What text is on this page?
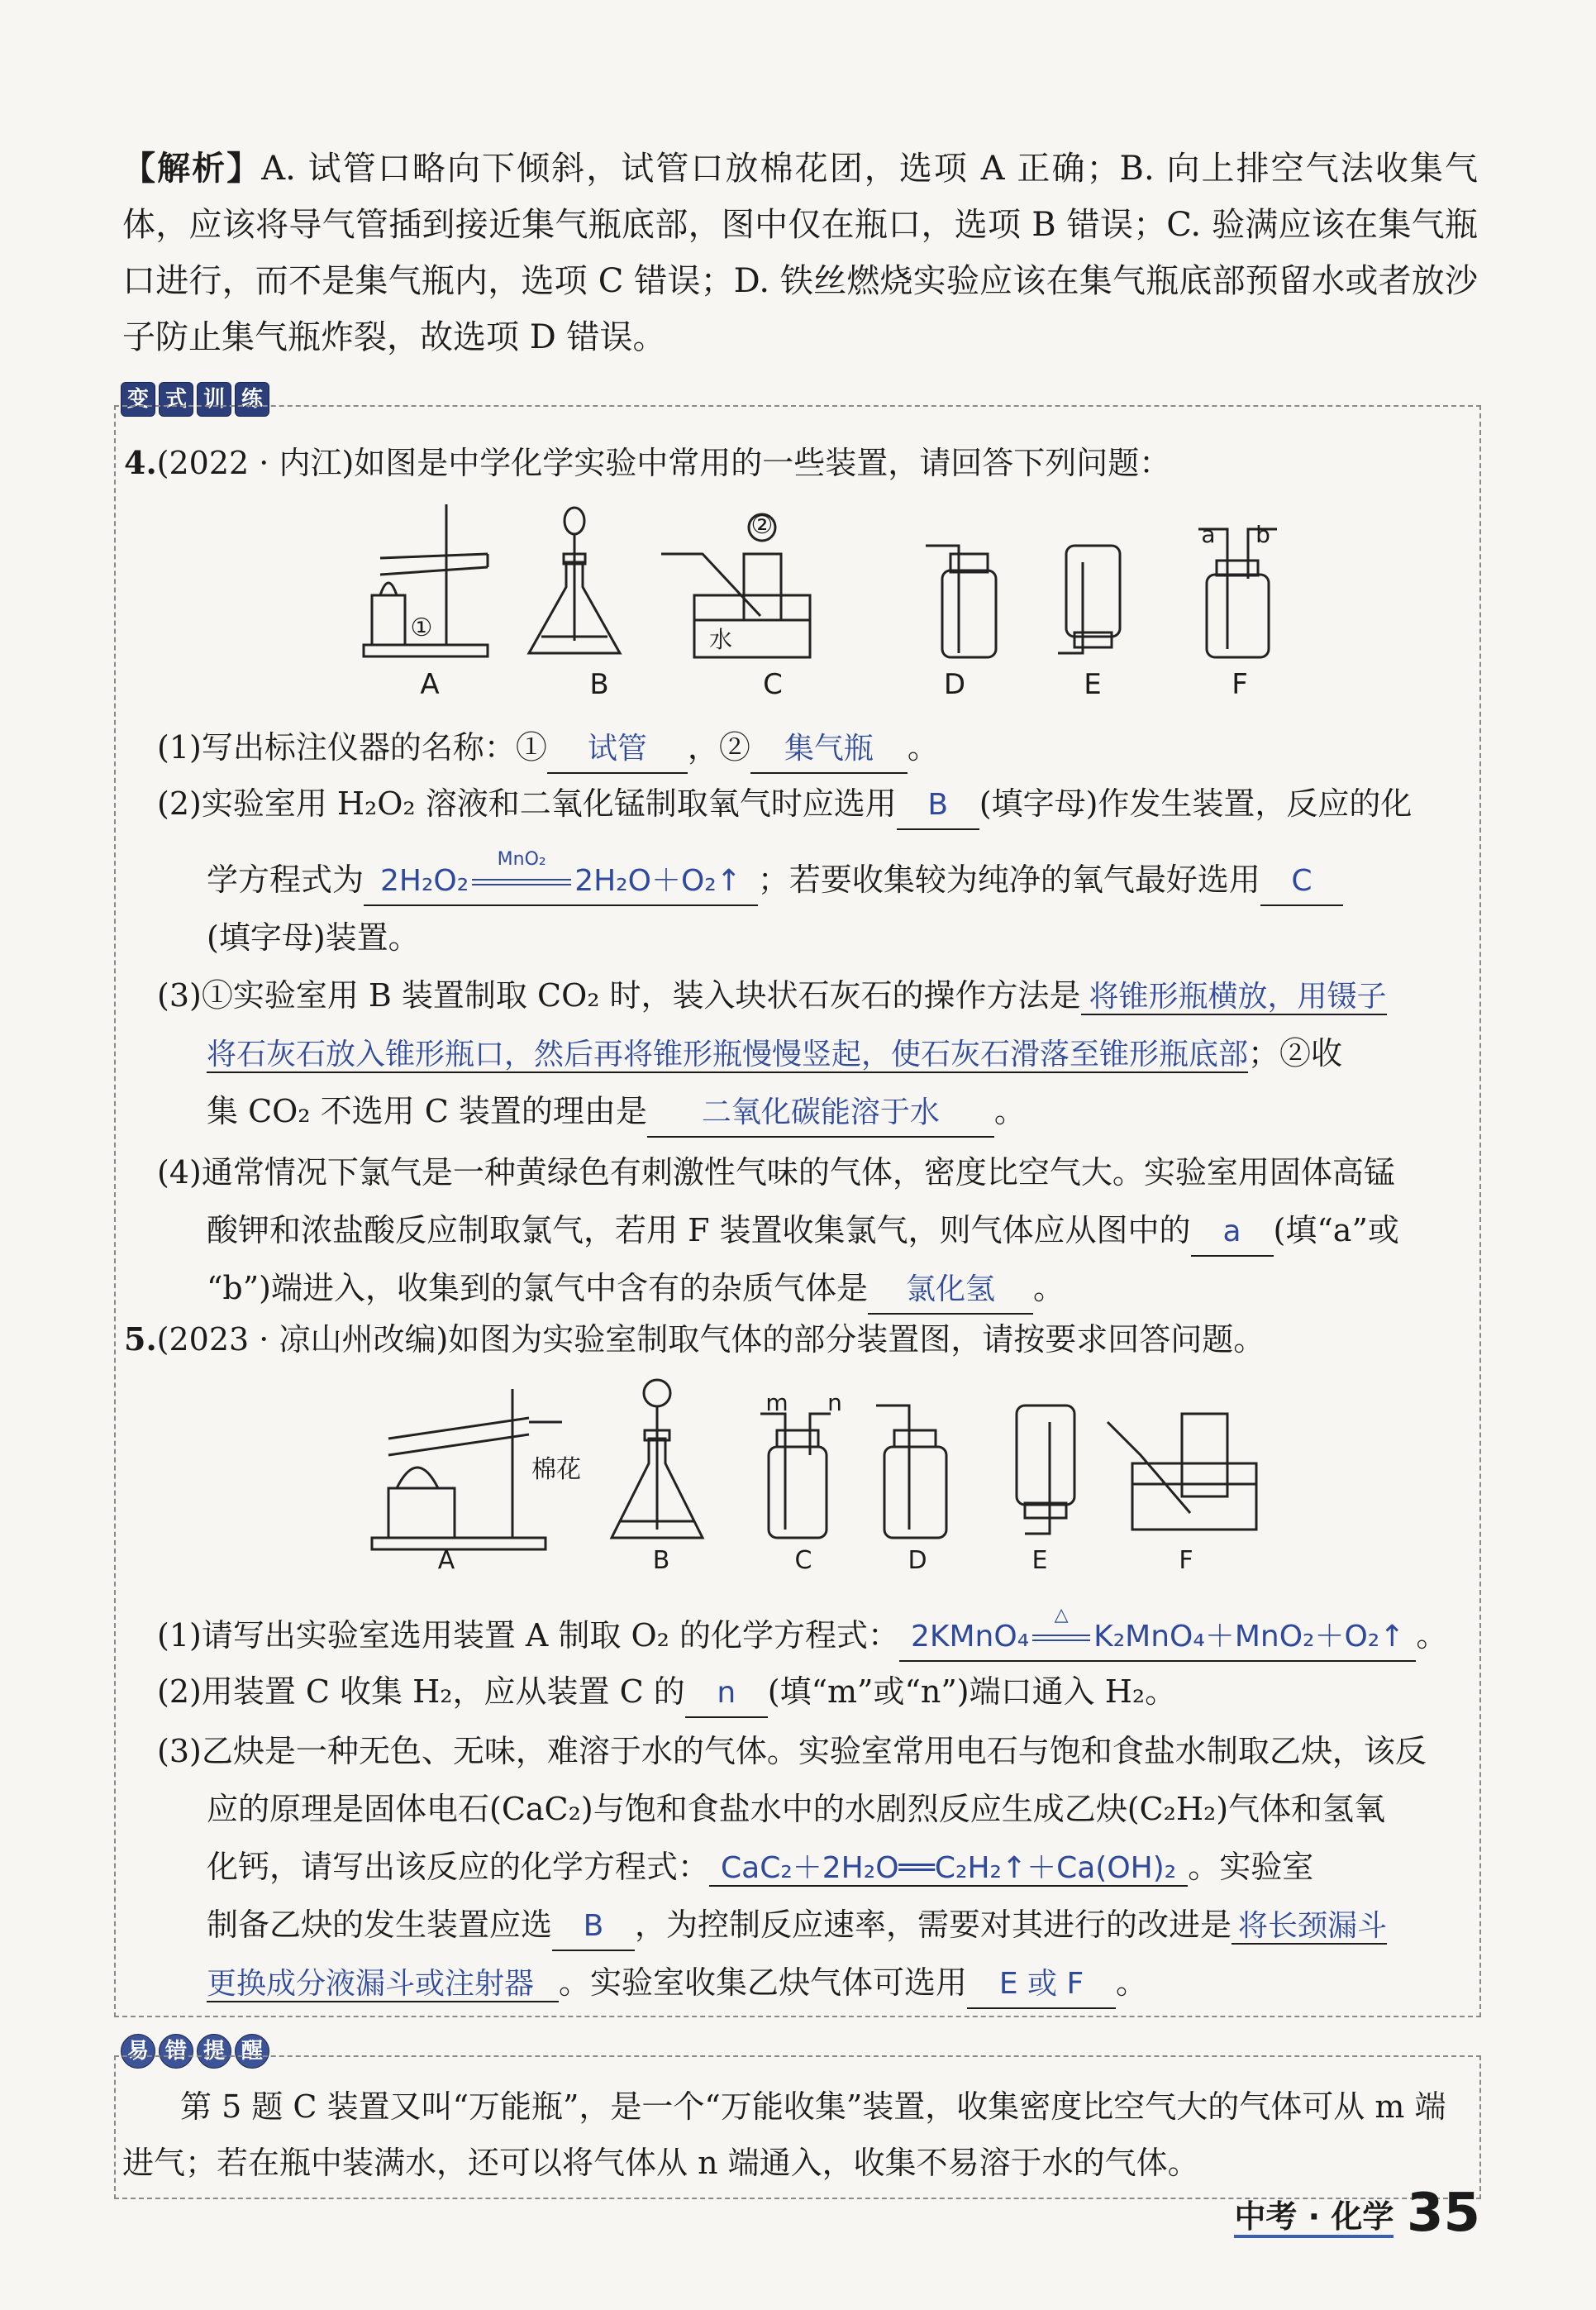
【解析】A. 试管口略向下倾斜，试管口放棉花团，选项 A 正确；B. 向上排空气法收集气体，应该将导气管插到接近集气瓶底部，图中仅在瓶口，选项 B 错误；C. 验满应该在集气瓶口进行，而不是集气瓶内，选项 C 错误；D. 铁丝燃烧实验应该在集气瓶底部预留水或者放沙子防止集气瓶炸裂，故选项 D 错误。
变 式 训 练
4.(2022 · 内江)如图是中学化学实验中常用的一些装置，请回答下列问题：
①
②
水
a	b
A	B	C	D	E	F
(1)写出标注仪器的名称：① 试管 ，② 集气瓶 。
(2)实验室用 H₂O₂ 溶液和二氧化锰制取氧气时应选用 B (填字母)作发生装置，反应的化
学方程式为 2H₂O₂
MnO₂
2H₂O＋O₂↑ ；若要收集较为纯净的氧气最好选用 C
(填字母)装置。
(3)①实验室用 B 装置制取 CO₂ 时，装入块状石灰石的操作方法是 将锥形瓶横放，用镊子
将石灰石放入锥形瓶口，然后再将锥形瓶慢慢竖起，使石灰石滑落至锥形瓶底部；②收
集 CO₂ 不选用 C 装置的理由是 二氧化碳能溶于水 。
(4)通常情况下氯气是一种黄绿色有刺激性气味的气体，密度比空气大。实验室用固体高锰
酸钾和浓盐酸反应制取氯气，若用 F 装置收集氯气，则气体应从图中的 a (填“a”或
“b”)端进入，收集到的氯气中含有的杂质气体是 氯化氢 。
5.(2023 · 凉山州改编)如图为实验室制取气体的部分装置图，请按要求回答问题。
棉花
m	n
A	B	C	D	E	F
(1)请写出实验室选用装置 A 制取 O₂ 的化学方程式： 2KMnO₄
△
K₂MnO₄＋MnO₂＋O₂↑ 。
(2)用装置 C 收集 H₂，应从装置 C 的 n (填“m”或“n”)端口通入 H₂。
(3)乙炔是一种无色、无味，难溶于水的气体。实验室常用电石与饱和食盐水制取乙炔，该反
应的原理是固体电石(CaC₂)与饱和食盐水中的水剧烈反应生成乙炔(C₂H₂)气体和氢氧
化钙，请写出该反应的化学方程式： CaC₂＋2H₂O══C₂H₂↑＋Ca(OH)₂ 。实验室
制备乙炔的发生装置应选 B ，为控制反应速率，需要对其进行的改进是 将长颈漏斗
更换成分液漏斗或注射器 。实验室收集乙炔气体可选用 E 或 F 。
易 错 提 醒
第 5 题 C 装置又叫“万能瓶”，是一个“万能收集”装置，收集密度比空气大的气体可从 m 端
进气；若在瓶中装满水，还可以将气体从 n 端通入，收集不易溶于水的气体。
中考 · 化学 35
